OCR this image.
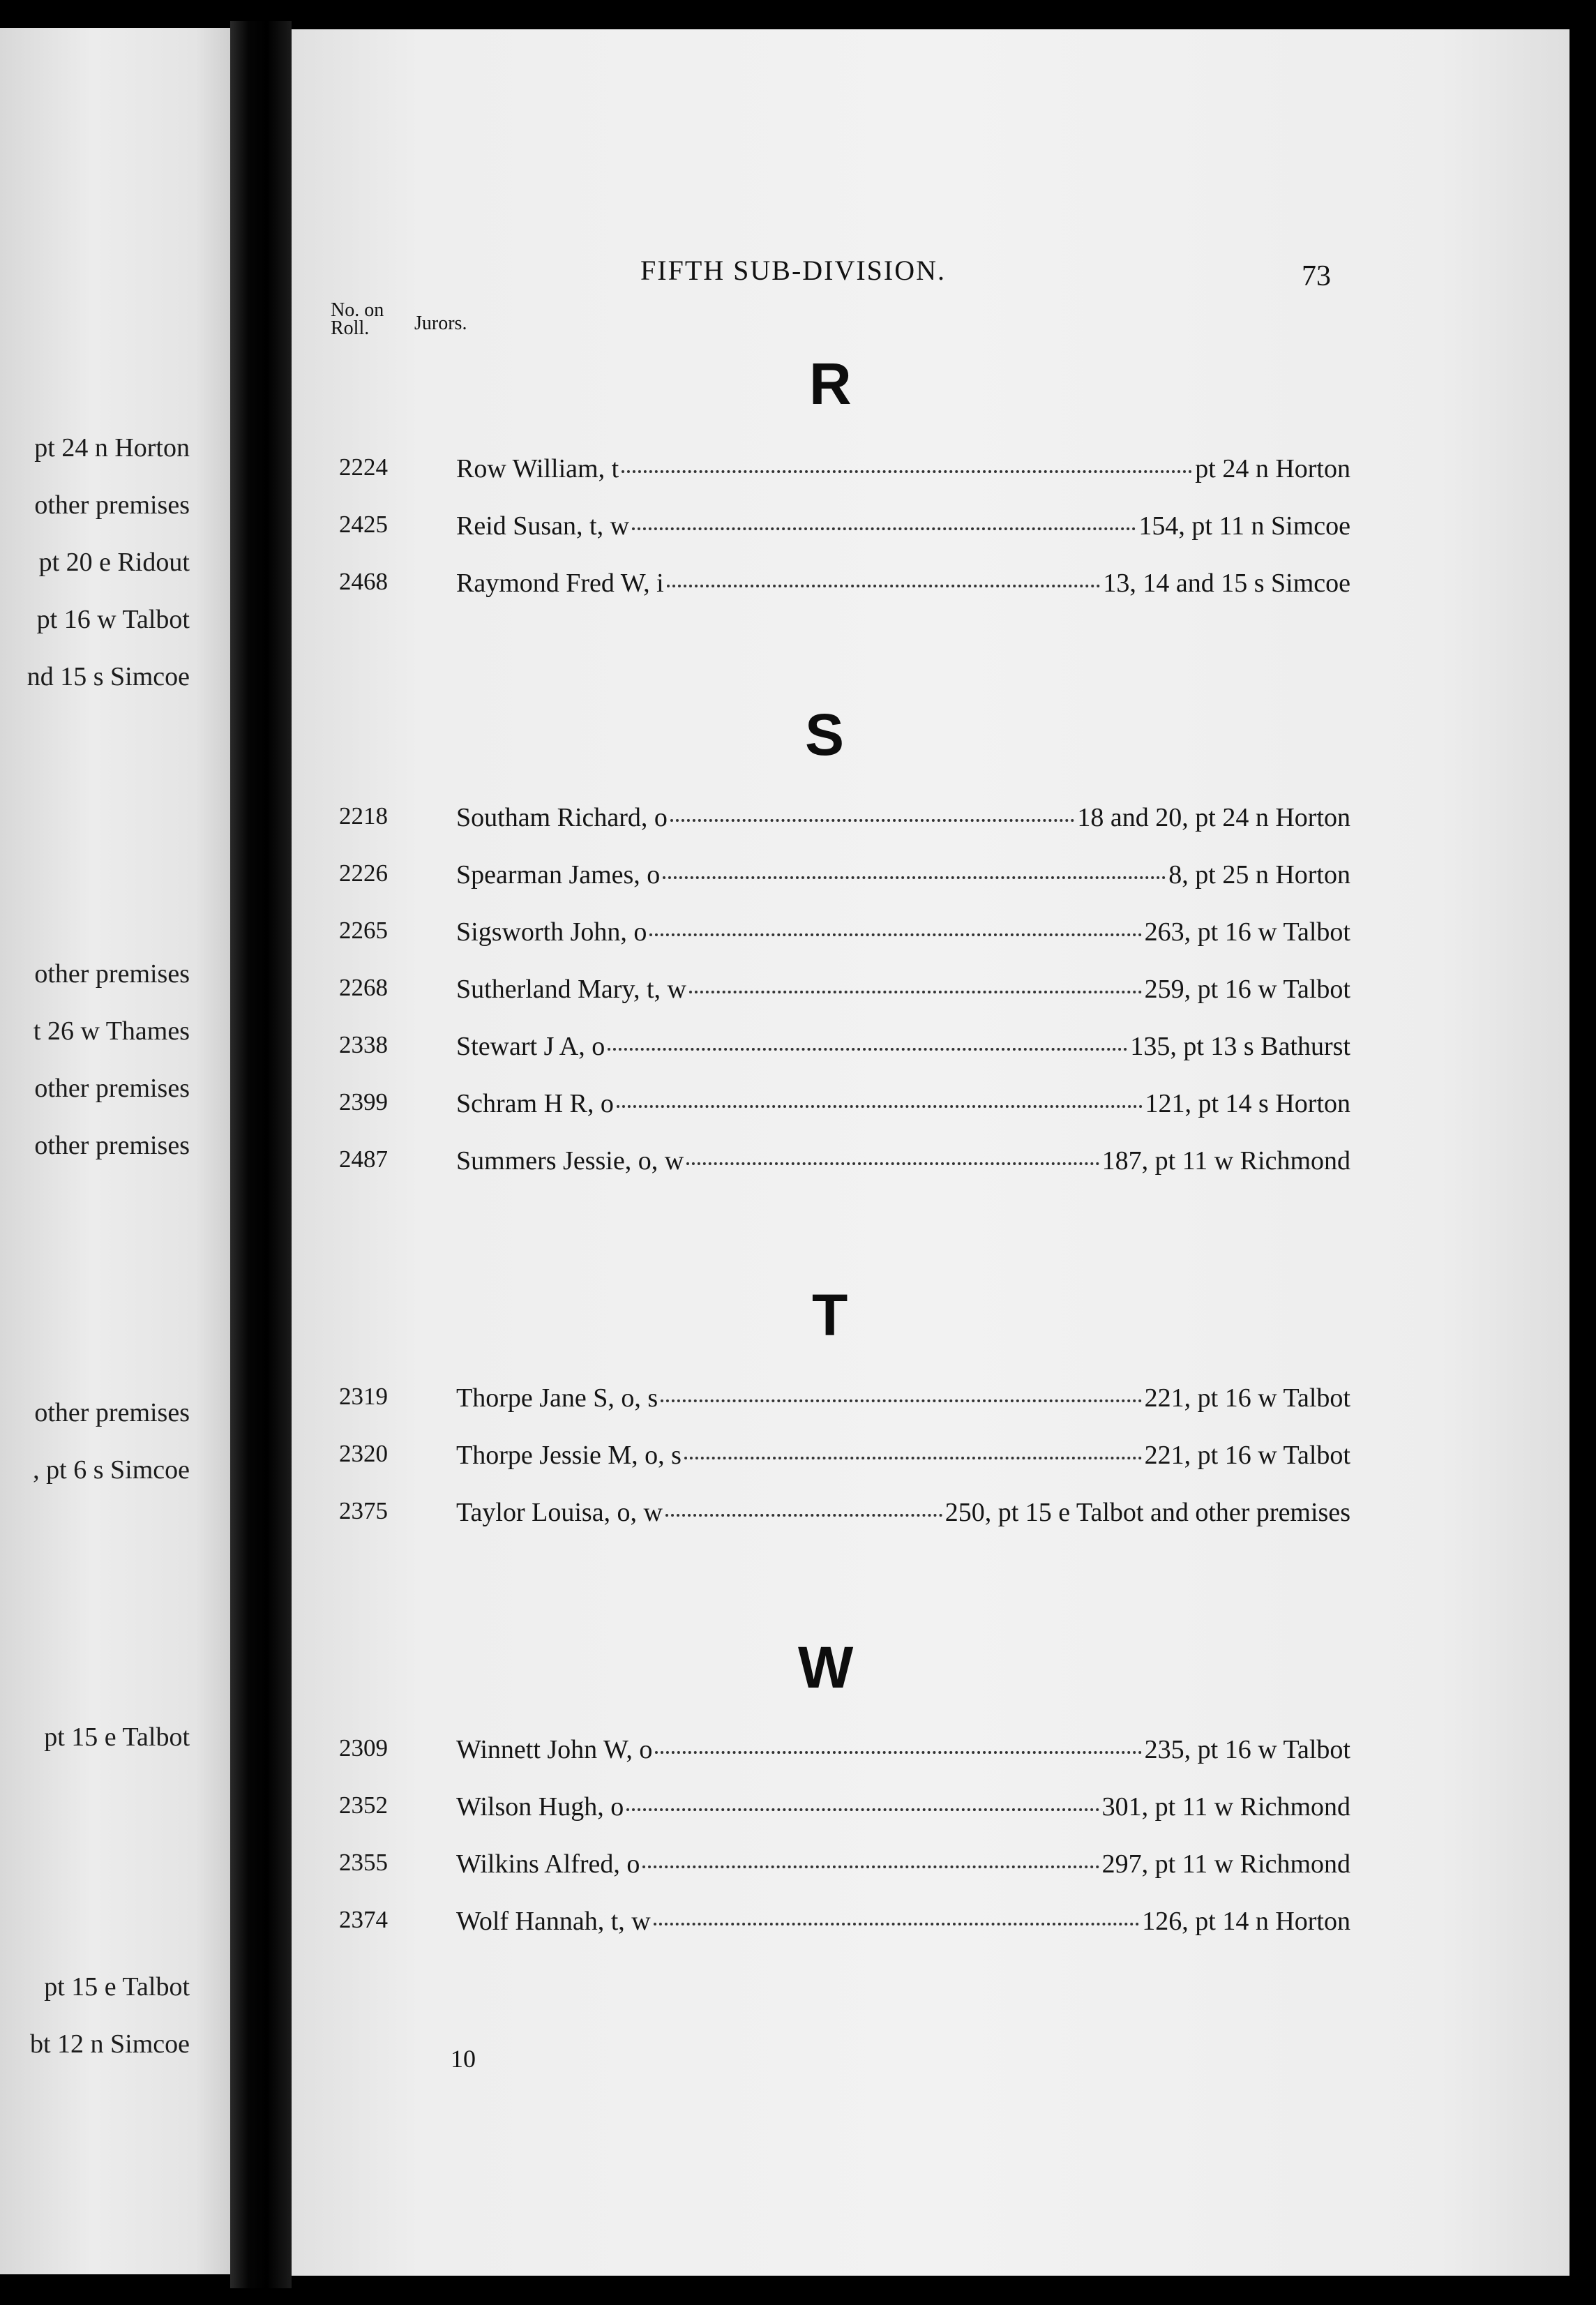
pt 24 n Horton
other premises
pt 20 e Ridout
pt 16 w Talbot
nd 15 s Simcoe
other premises
t 26 w Thames
other premises
other premises
other premises
, pt 6 s Simcoe
pt 15 e Talbot
pt 15 e Talbot
bt 12 n Simcoe
FIFTH SUB-DIVISION.	73
No. on
Roll.	Jurors.
R
2224	Row William, t	pt 24 n Horton
2425	Reid Susan, t, w	154, pt 11 n Simcoe
2468	Raymond Fred W, i	13, 14 and 15 s Simcoe
S
2218	Southam Richard, o	18 and 20, pt 24 n Horton
2226	Spearman James, o	8, pt 25 n Horton
2265	Sigsworth John, o	263, pt 16 w Talbot
2268	Sutherland Mary, t, w	259, pt 16 w Talbot
2338	Stewart J A, o	135, pt 13 s Bathurst
2399	Schram H R, o	121, pt 14 s Horton
2487	Summers Jessie, o, w	187, pt 11 w Richmond
T
2319	Thorpe Jane S, o, s	221, pt 16 w Talbot
2320	Thorpe Jessie M, o, s	221, pt 16 w Talbot
2375	Taylor Louisa, o, w	250, pt 15 e Talbot and other premises
W
2309	Winnett John W, o	235, pt 16 w Talbot
2352	Wilson Hugh, o	301, pt 11 w Richmond
2355	Wilkins Alfred, o	297, pt 11 w Richmond
2374	Wolf Hannah, t, w	126, pt 14 n Horton
10
